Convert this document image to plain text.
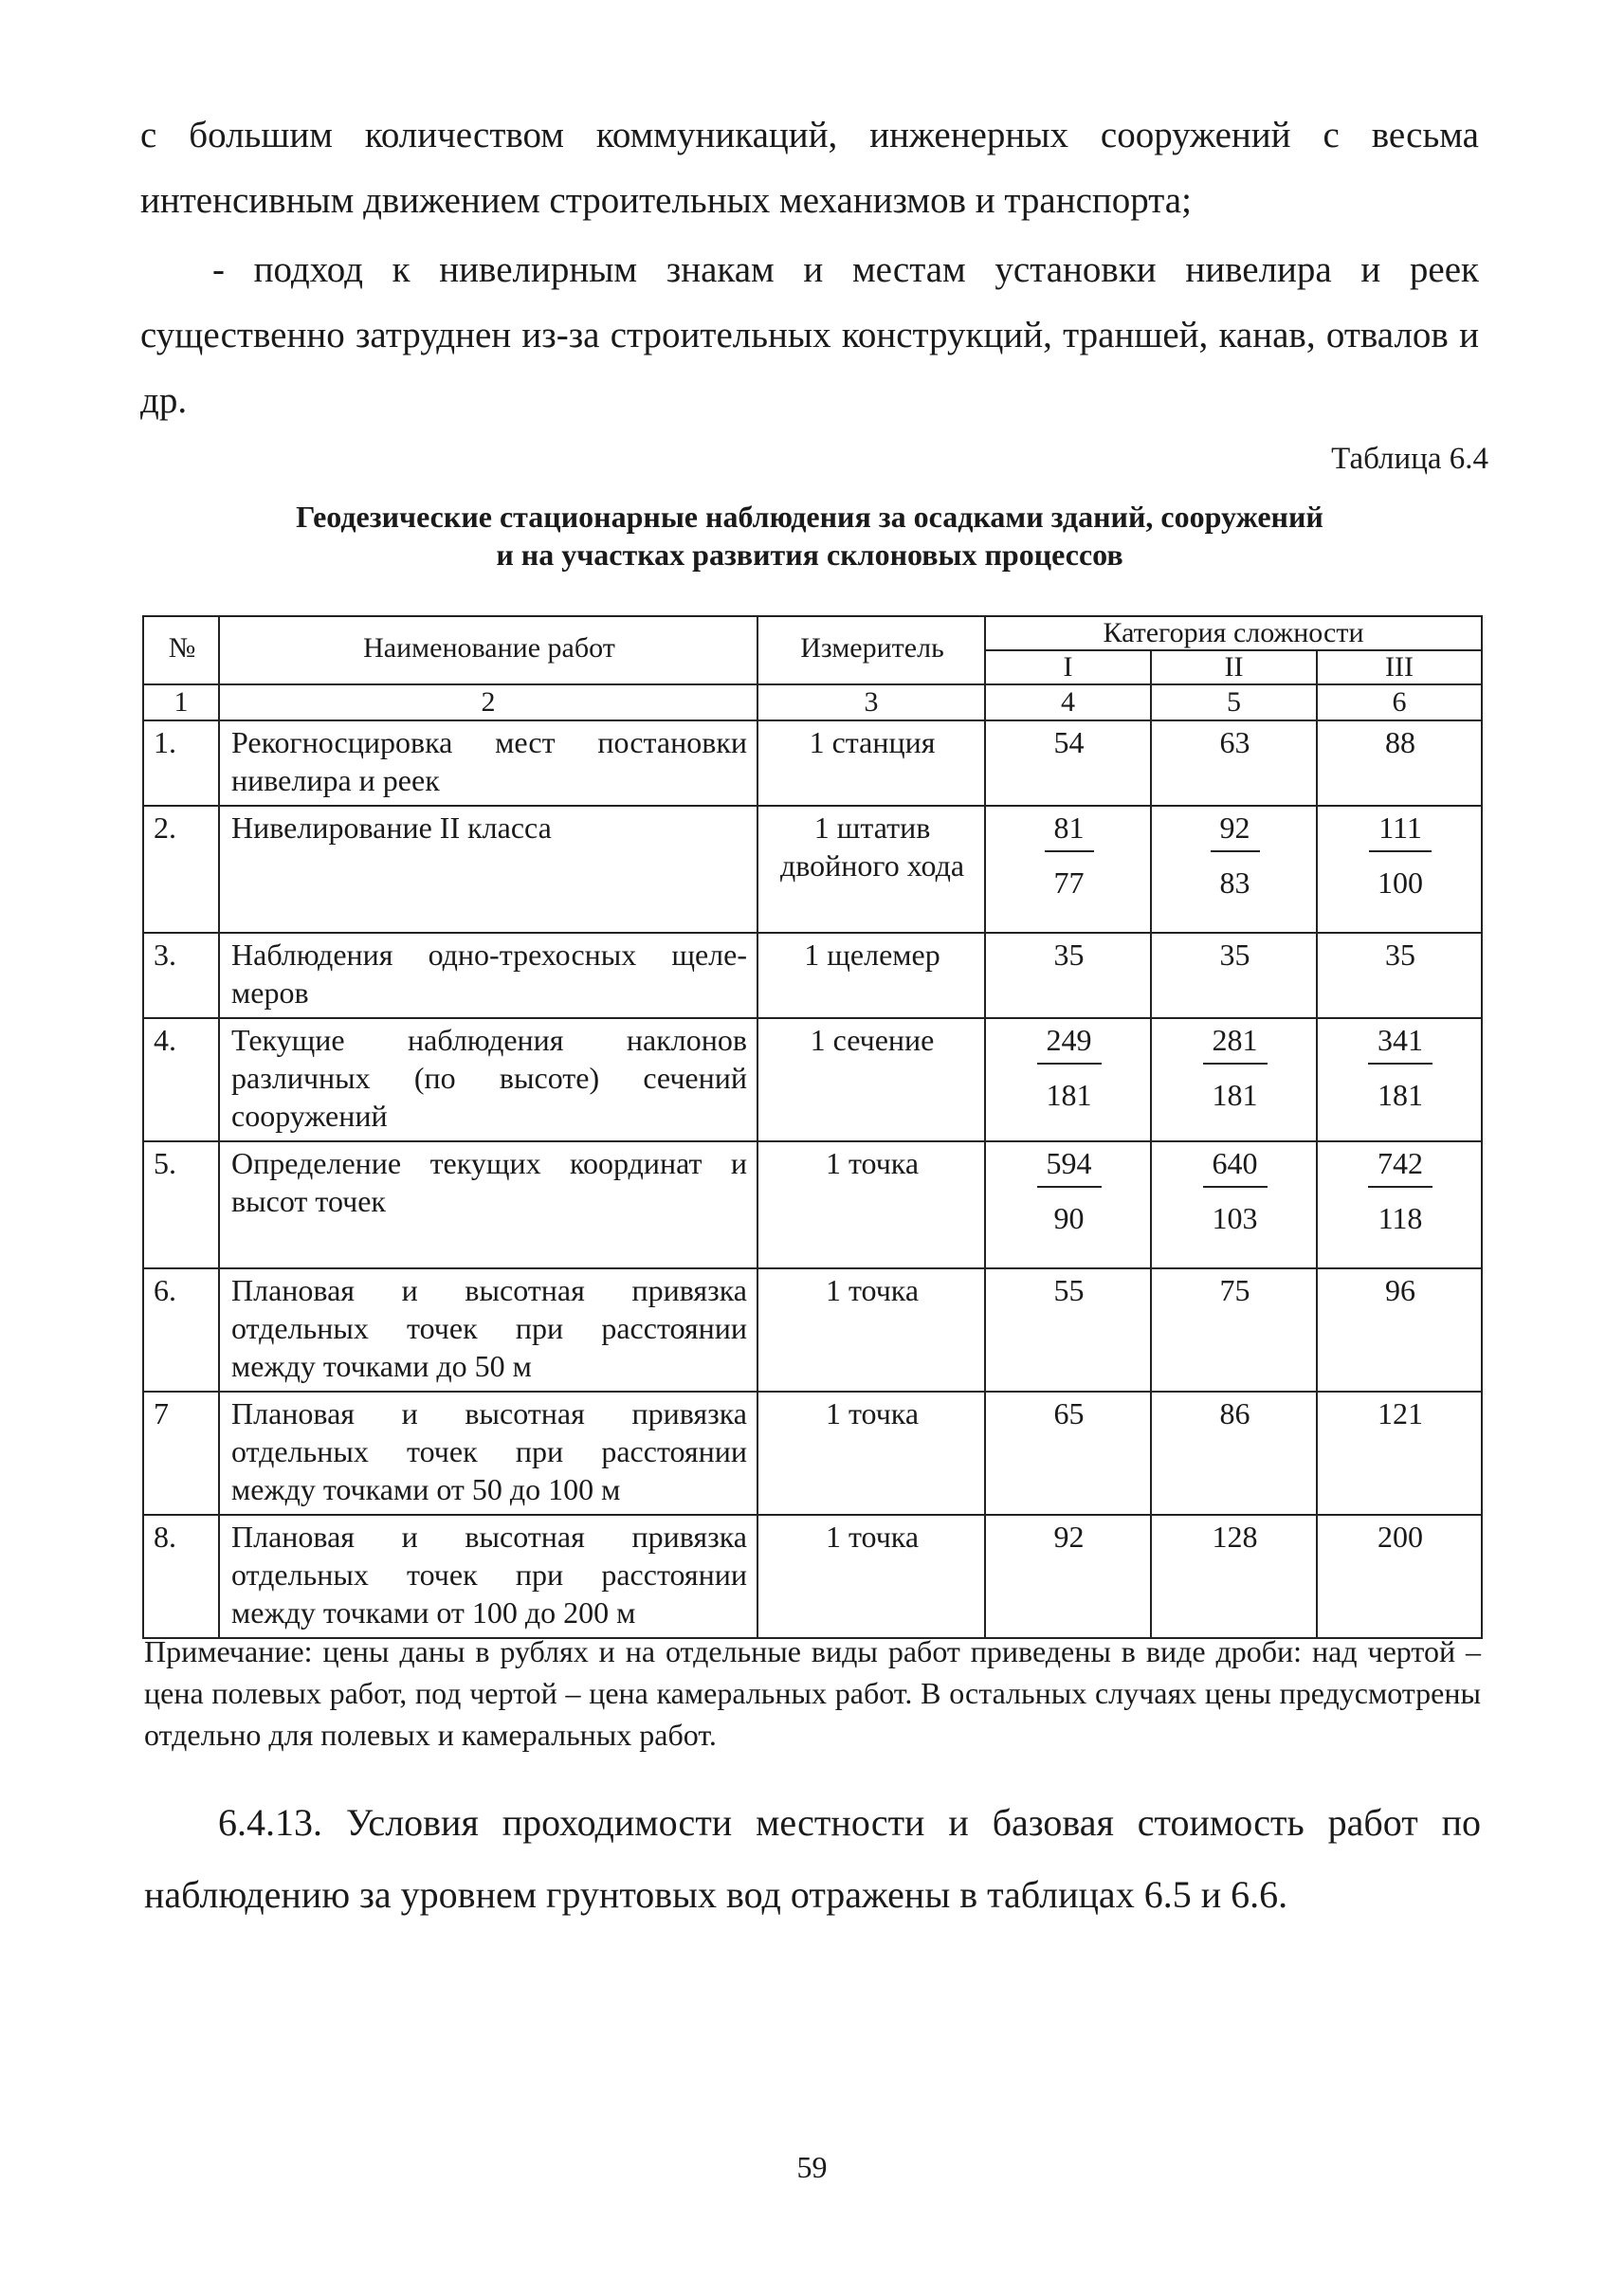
с большим количеством коммуникаций, инженерных сооружений с весьма интенсивным движением строительных механизмов и транспорта;

- подход к нивелирным знакам и местам установки нивелира и реек существенно затруднен из-за строительных конструкций, траншей, канав, отвалов и др.

Таблица 6.4

Геодезические стационарные наблюдения за осадками зданий, сооружений
и на участках развития склоновых процессов
№	Наименование работ	Измеритель	Категория сложности		
			I	II	III
1	2	3	4	5	6
1.	Рекогносцировка мест постановки нивелира и реек	1 станция	54	63	88
2.	Нивелирование II класса	1 штатив двойного хода	$\frac{81}{77}$	$\frac{92}{83}$	$\frac{111}{100}$

3.	Наблюдения одно-трехосных щеле-меров	1 щелемер	35	35	35
4.	Текущие наблюдения наклонов различных (по высоте) сечений сооружений	1 сечение	$\frac{249}{181}$	$\frac{281}{181}$	$\frac{341}{181}$

5.	Определение текущих координат и высот точек	1 точка	$\frac{594}{90}$	$\frac{640}{103}$	$\frac{742}{118}$

6.	Плановая и высотная привязка отдельных точек при расстоянии между точками до 50 м	1 точка	55	75	96
7	Плановая и высотная привязка отдельных точек при расстоянии между точками от 50 до 100 м	1 точка	65	86	121
8.	Плановая и высотная привязка отдельных точек при расстоянии между точками от 100 до 200 м	1 точка	92	128	200

Примечание: цены даны в рублях и на отдельные виды работ приведены в виде дроби: над чертой – цена полевых работ, под чертой – цена камеральных работ. В остальных случаях цены предусмотрены отдельно для полевых и камеральных работ.

6.4.13. Условия проходимости местности и базовая стоимость работ по наблюдению за уровнем грунтовых вод отражены в таблицах 6.5 и 6.6.

59
